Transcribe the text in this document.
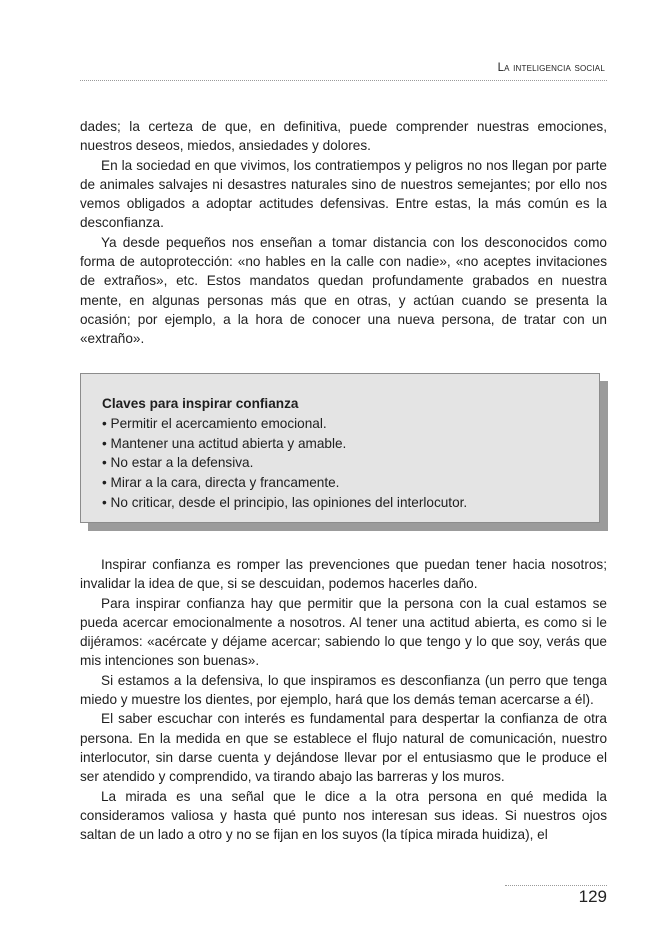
La inteligencia social

dades; la certeza de que, en definitiva, puede comprender nuestras emociones, nuestros deseos, miedos, ansiedades y dolores.

En la sociedad en que vivimos, los contratiempos y peligros no nos llegan por parte de animales salvajes ni desastres naturales sino de nuestros semejantes; por ello nos vemos obligados a adoptar actitudes defensivas. Entre estas, la más común es la desconfianza.

Ya desde pequeños nos enseñan a tomar distancia con los desconocidos como forma de autoprotección: «no hables en la calle con nadie», «no aceptes invitaciones de extraños», etc. Estos mandatos quedan profundamente grabados en nuestra mente, en algunas personas más que en otras, y actúan cuando se presenta la ocasión; por ejemplo, a la hora de conocer una nueva persona, de tratar con un «extraño».

Claves para inspirar confianza
• Permitir el acercamiento emocional.
• Mantener una actitud abierta y amable.
• No estar a la defensiva.
• Mirar a la cara, directa y francamente.
• No criticar, desde el principio, las opiniones del interlocutor.

Inspirar confianza es romper las prevenciones que puedan tener hacia nosotros; invalidar la idea de que, si se descuidan, podemos hacerles daño.

Para inspirar confianza hay que permitir que la persona con la cual estamos se pueda acercar emocionalmente a nosotros. Al tener una actitud abierta, es como si le dijéramos: «acércate y déjame acercar; sabiendo lo que tengo y lo que soy, verás que mis intenciones son buenas».

Si estamos a la defensiva, lo que inspiramos es desconfianza (un perro que tenga miedo y muestre los dientes, por ejemplo, hará que los demás teman acercarse a él).

El saber escuchar con interés es fundamental para despertar la confianza de otra persona. En la medida en que se establece el flujo natural de comunicación, nuestro interlocutor, sin darse cuenta y dejándose llevar por el entusiasmo que le produce el ser atendido y comprendido, va tirando abajo las barreras y los muros.

La mirada es una señal que le dice a la otra persona en qué medida la consideramos valiosa y hasta qué punto nos interesan sus ideas. Si nuestros ojos saltan de un lado a otro y no se fijan en los suyos (la típica mirada huidiza), el

129
